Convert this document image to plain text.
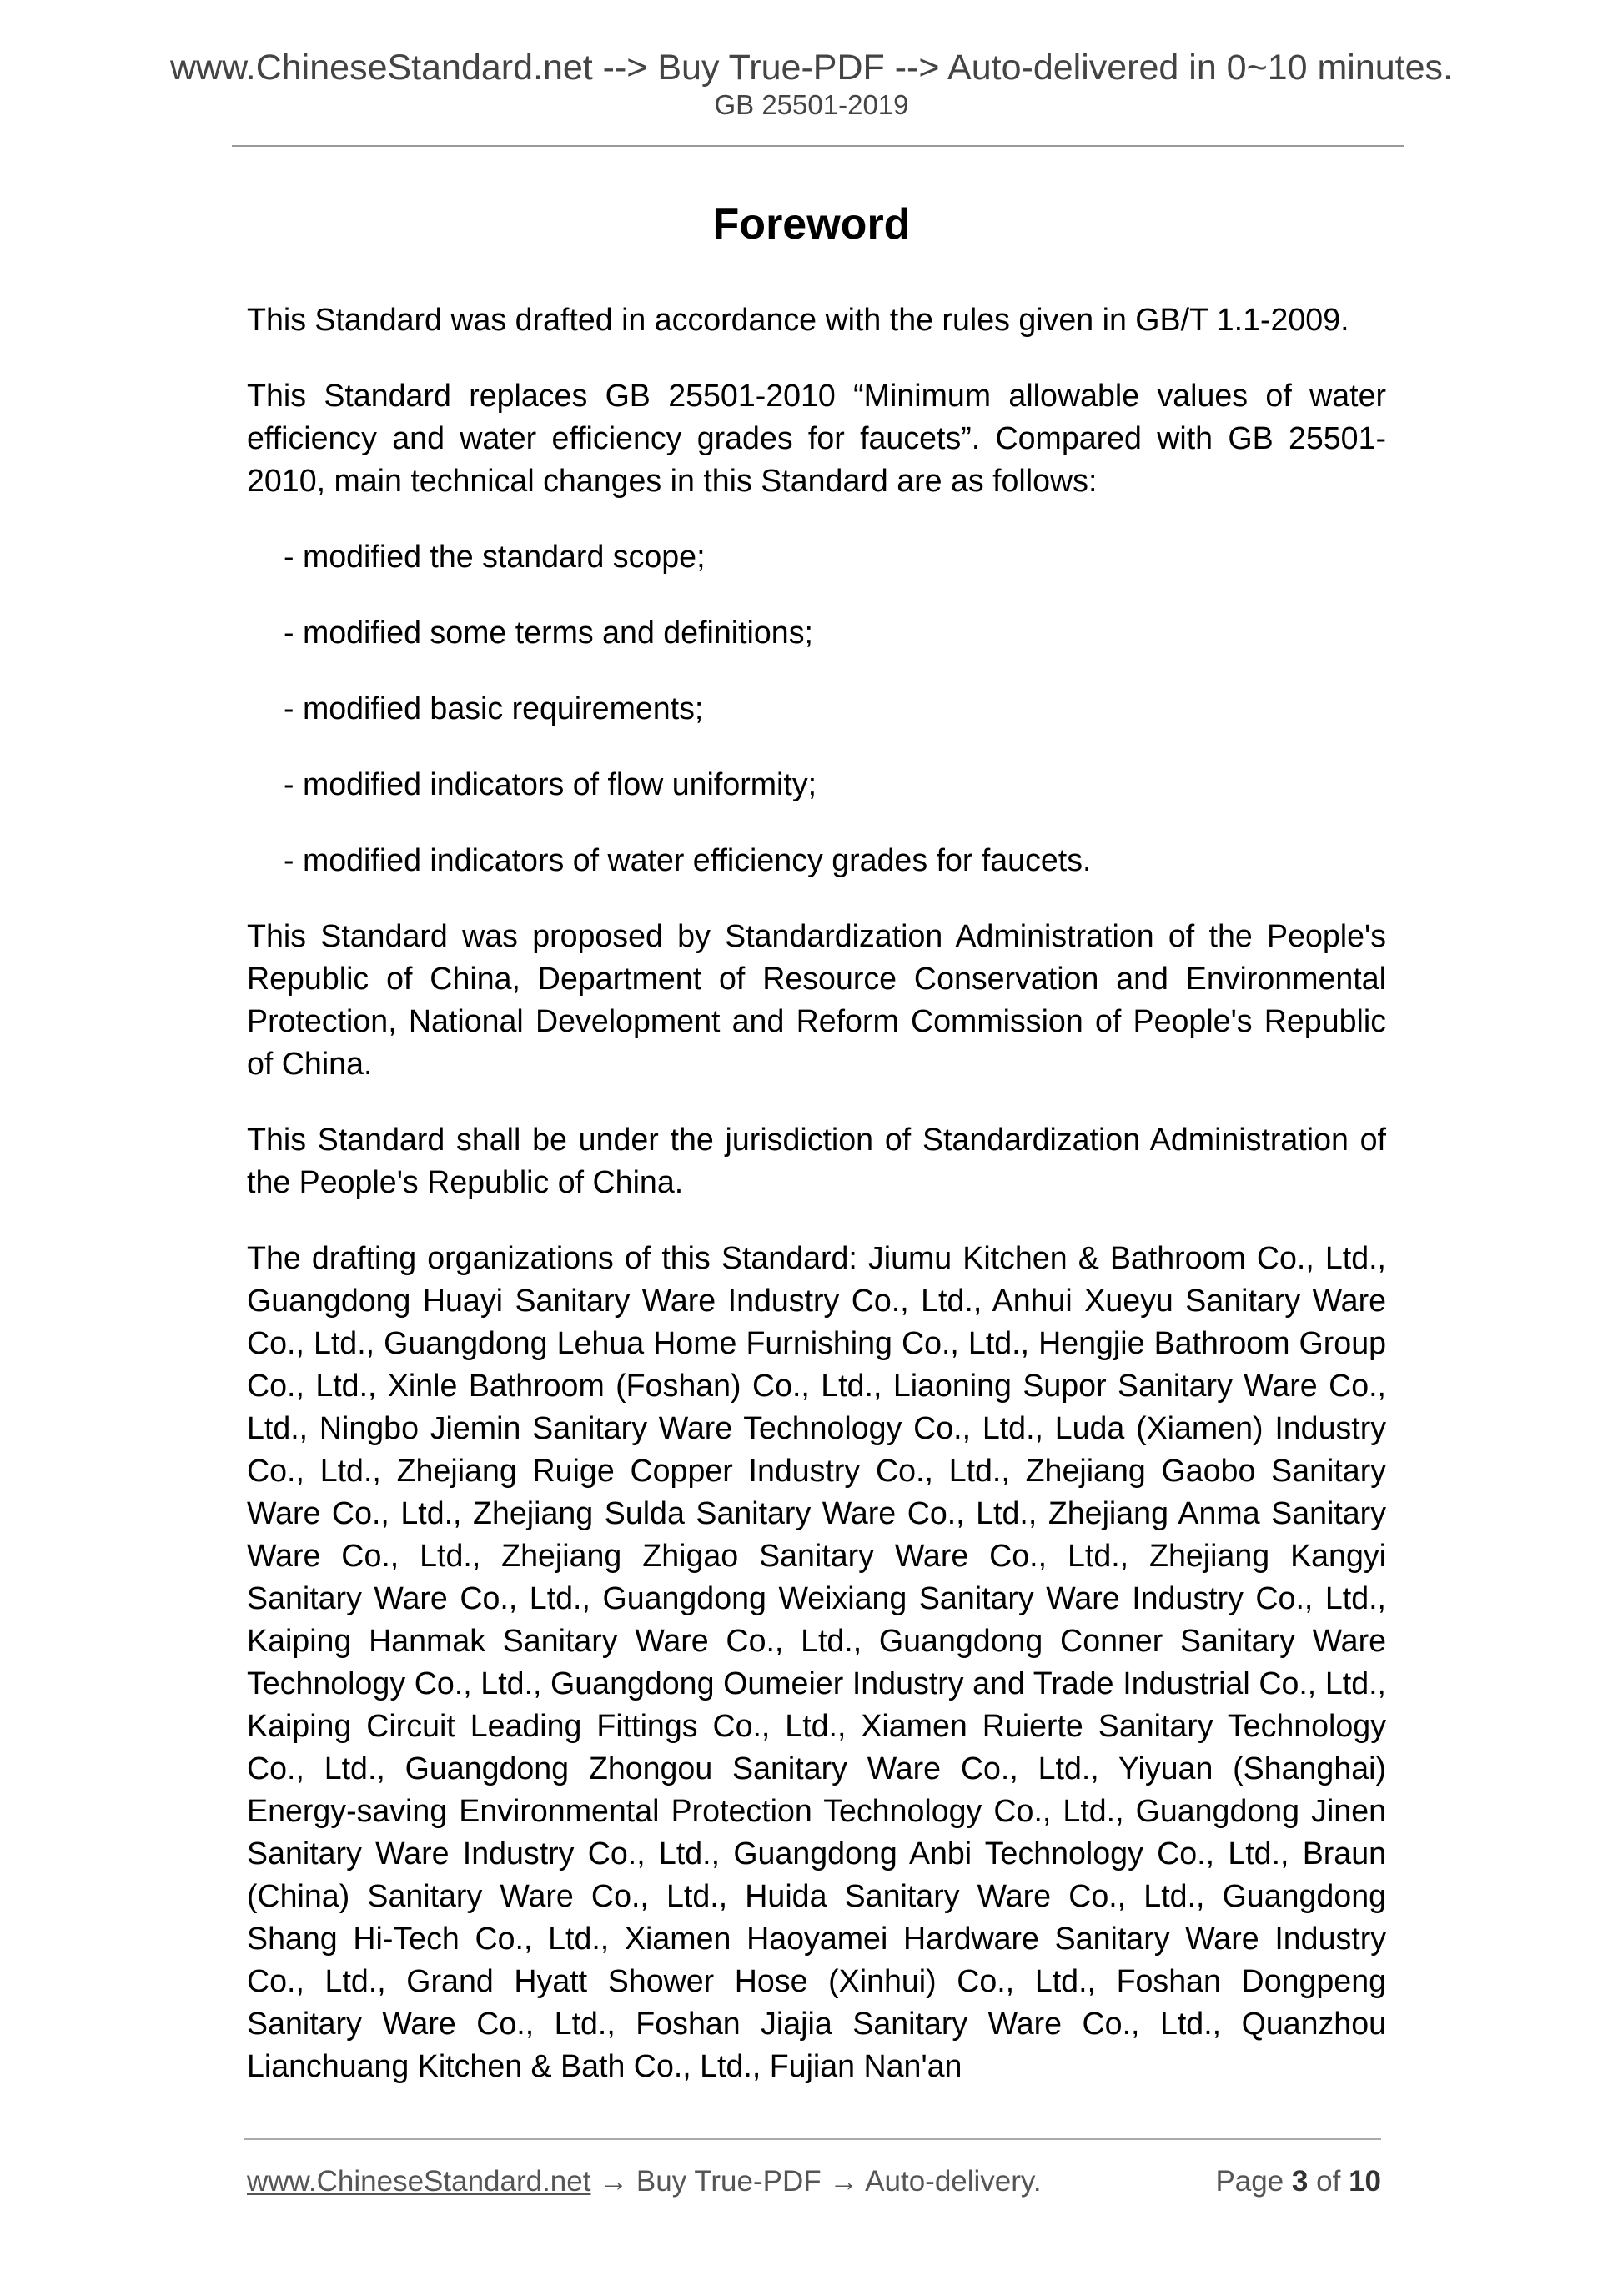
www.ChineseStandard.net --> Buy True-PDF --> Auto-delivered in 0~10 minutes.
GB 25501-2019
Foreword

This Standard was drafted in accordance with the rules given in GB/T 1.1-2009.

This Standard replaces GB 25501-2010 “Minimum allowable values of water efficiency and water efficiency grades for faucets”. Compared with GB 25501-2010, main technical changes in this Standard are as follows:

- modified the standard scope;

- modified some terms and definitions;

- modified basic requirements;

- modified indicators of flow uniformity;

- modified indicators of water efficiency grades for faucets.

This Standard was proposed by Standardization Administration of the People's Republic of China, Department of Resource Conservation and Environmental Protection, National Development and Reform Commission of People's Republic of China.

This Standard shall be under the jurisdiction of Standardization Administration of the People's Republic of China.

The drafting organizations of this Standard: Jiumu Kitchen & Bathroom Co., Ltd., Guangdong Huayi Sanitary Ware Industry Co., Ltd., Anhui Xueyu Sanitary Ware Co., Ltd., Guangdong Lehua Home Furnishing Co., Ltd., Hengjie Bathroom Group Co., Ltd., Xinle Bathroom (Foshan) Co., Ltd., Liaoning Supor Sanitary Ware Co., Ltd., Ningbo Jiemin Sanitary Ware Technology Co., Ltd., Luda (Xiamen) Industry Co., Ltd., Zhejiang Ruige Copper Industry Co., Ltd., Zhejiang Gaobo Sanitary Ware Co., Ltd., Zhejiang Sulda Sanitary Ware Co., Ltd., Zhejiang Anma Sanitary Ware Co., Ltd., Zhejiang Zhigao Sanitary Ware Co., Ltd., Zhejiang Kangyi Sanitary Ware Co., Ltd., Guangdong Weixiang Sanitary Ware Industry Co., Ltd., Kaiping Hanmak Sanitary Ware Co., Ltd., Guangdong Conner Sanitary Ware Technology Co., Ltd., Guangdong Oumeier Industry and Trade Industrial Co., Ltd., Kaiping Circuit Leading Fittings Co., Ltd., Xiamen Ruierte Sanitary Technology Co., Ltd., Guangdong Zhongou Sanitary Ware Co., Ltd., Yiyuan (Shanghai) Energy-saving Environmental Protection Technology Co., Ltd., Guangdong Jinen Sanitary Ware Industry Co., Ltd., Guangdong Anbi Technology Co., Ltd., Braun (China) Sanitary Ware Co., Ltd., Huida Sanitary Ware Co., Ltd., Guangdong Shang Hi-Tech Co., Ltd., Xiamen Haoyamei Hardware Sanitary Ware Industry Co., Ltd., Grand Hyatt Shower Hose (Xinhui) Co., Ltd., Foshan Dongpeng Sanitary Ware Co., Ltd., Foshan Jiajia Sanitary Ware Co., Ltd., Quanzhou Lianchuang Kitchen & Bath Co., Ltd., Fujian Nan'an

www.ChineseStandard.net → Buy True-PDF → Auto-delivery.	Page 3 of 10
